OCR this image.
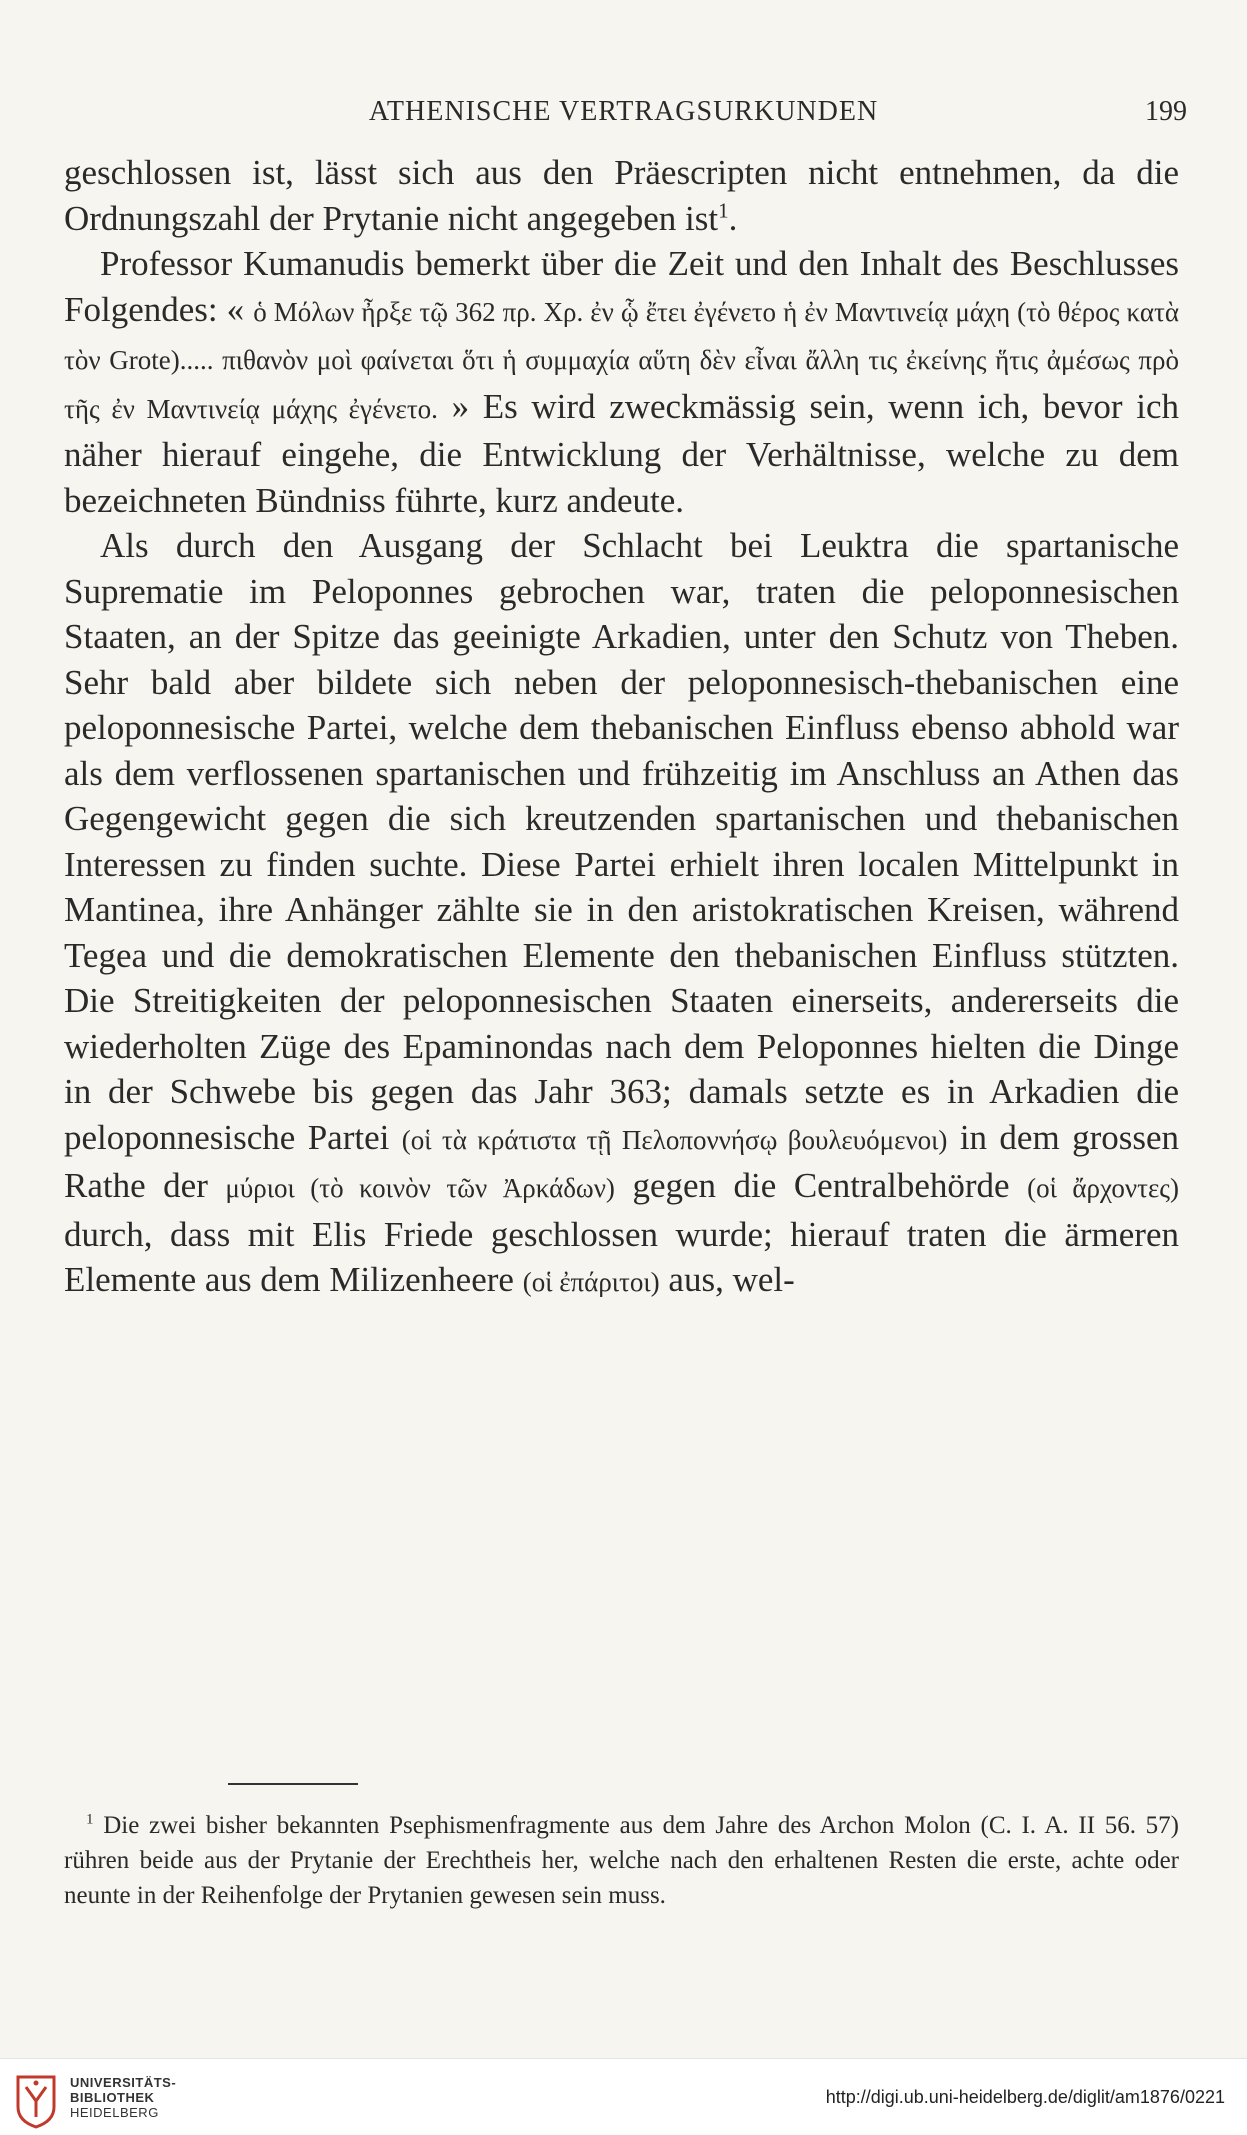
ATHENISCHE VERTRAGSURKUNDEN	199

geschlossen ist, lässt sich aus den Präescripten nicht entnehmen, da die Ordnungszahl der Prytanie nicht angegeben ist$^1$.

Professor Kumanudis bemerkt über die Zeit und den Inhalt des Beschlusses Folgendes: « ὁ Μόλων ἦρξε τῷ 362 πρ. Χρ. ἐν ᾧ ἔτει ἐγένετο ἡ ἐν Μαντινείᾳ μάχη (τὸ θέρος κατὰ τὸν Grote)..... πιθανὸν μοὶ φαίνεται ὅτι ἡ συμμαχία αὕτη δὲν εἶναι ἄλλη τις ἐκείνης ἥτις ἀμέσως πρὸ τῆς ἐν Μαντινείᾳ μάχης ἐγένετο. » Es wird zweckmässig sein, wenn ich, bevor ich näher hierauf eingehe, die Entwicklung der Verhältnisse, welche zu dem bezeichneten Bündniss führte, kurz andeute.

Als durch den Ausgang der Schlacht bei Leuktra die spartanische Suprematie im Peloponnes gebrochen war, traten die peloponnesischen Staaten, an der Spitze das geeinigte Arkadien, unter den Schutz von Theben. Sehr bald aber bildete sich neben der peloponnesisch-thebanischen eine peloponnesische Partei, welche dem thebanischen Einfluss ebenso abhold war als dem verflossenen spartanischen und frühzeitig im Anschluss an Athen das Gegengewicht gegen die sich kreutzenden spartanischen und thebanischen Interessen zu finden suchte. Diese Partei erhielt ihren localen Mittelpunkt in Mantinea, ihre Anhänger zählte sie in den aristokratischen Kreisen, während Tegea und die demokratischen Elemente den thebanischen Einfluss stützten. Die Streitigkeiten der peloponnesischen Staaten einerseits, andererseits die wiederholten Züge des Epaminondas nach dem Peloponnes hielten die Dinge in der Schwebe bis gegen das Jahr 363; damals setzte es in Arkadien die peloponnesische Partei (οἱ τὰ κράτιστα τῇ Πελοποννήσῳ βουλευόμενοι) in dem grossen Rathe der μύριοι (τὸ κοινὸν τῶν Ἀρκάδων) gegen die Centralbehörde (οἱ ἄρχοντες) durch, dass mit Elis Friede geschlossen wurde; hierauf traten die ärmeren Elemente aus dem Milizenheere (οἱ ἐπάριτοι) aus, wel-

$^1$ Die zwei bisher bekannten Psephismenfragmente aus dem Jahre des Archon Molon (C. I. A. II 56. 57) rühren beide aus der Prytanie der Erechtheis her, welche nach den erhaltenen Resten die erste, achte oder neunte in der Reihenfolge der Prytanien gewesen sein muss.

UNIVERSITÄTS-
BIBLIOTHEK
HEIDELBERG
http://digi.ub.uni-heidelberg.de/diglit/am1876/0221
